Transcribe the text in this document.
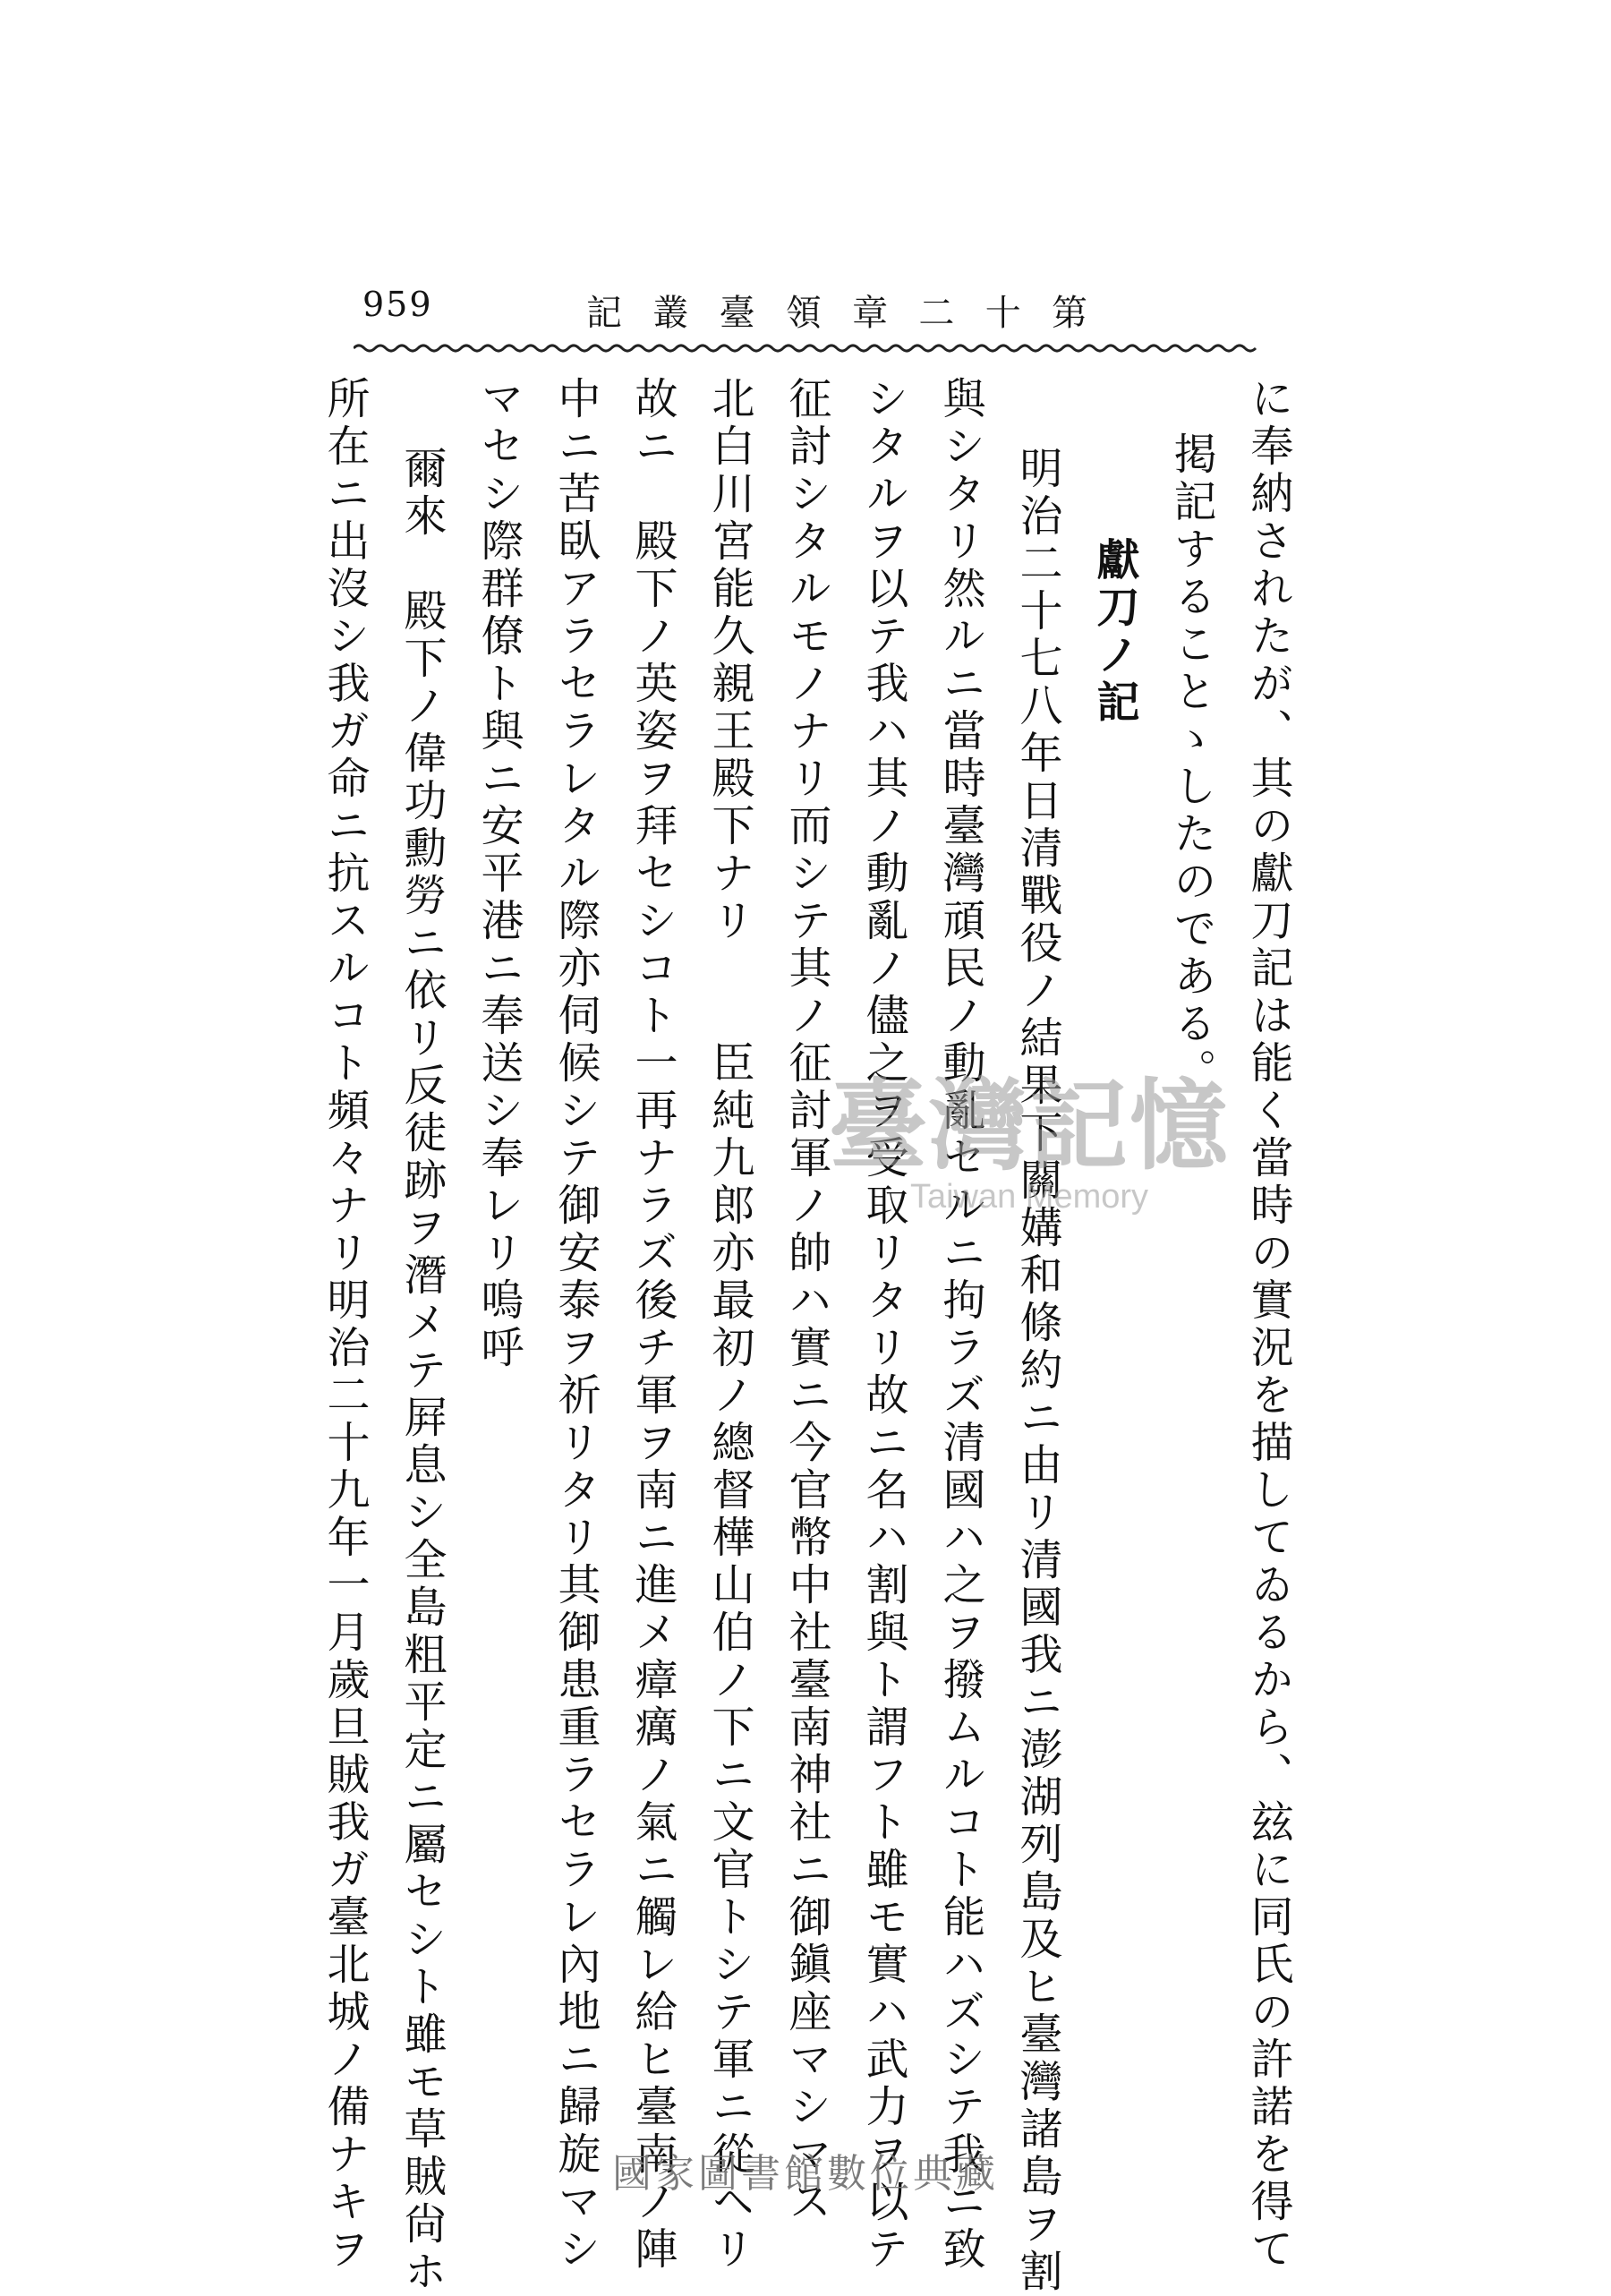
959	第
十
二
章
領
臺
叢
記
に奉納されたが、其の獻刀記は能く當時の實況を描してゐるから、玆に同氏の許諾を得て
掲記することゝしたのである。
獻刀ノ記
明治二十七八年日清戰役ノ結果下關媾和條約ニ由リ清國我ニ澎湖列島及ヒ臺灣諸島ヲ割
與シタリ然ルニ當時臺灣頑民ノ動亂セルニ拘ラズ清國ハ之ヲ撥ムルコト能ハズシテ我ニ致
シタルヲ以テ我ハ其ノ動亂ノ儘之ヲ受取リタリ故ニ名ハ割與ト謂フト雖モ實ハ武力ヲ以テ
征討シタルモノナリ而シテ其ノ征討軍ノ帥ハ實ニ今官幣中社臺南神社ニ御鎭座マシマス
北白川宮能久親王殿下ナリ　　臣純九郎亦最初ノ總督樺山伯ノ下ニ文官トシテ軍ニ從ヘリ
故ニ　殿下ノ英姿ヲ拜セシコト一再ナラズ後チ軍ヲ南ニ進メ瘴癘ノ氣ニ觸レ給ヒ臺南ノ陣
中ニ苦臥アラセラレタル際亦伺候シテ御安泰ヲ祈リタリ其御患重ラセラレ內地ニ歸旋マシ
マセシ際群僚ト與ニ安平港ニ奉送シ奉レリ嗚呼
爾來　殿下ノ偉功勳勞ニ依リ反徒跡ヲ潛メテ屛息シ全島粗平定ニ屬セシト雖モ草賊尙ホ
所在ニ出沒シ我ガ命ニ抗スルコト頻々ナリ明治二十九年一月歲旦賊我ガ臺北城ノ備ナキヲ	臺灣記憶
Taiwan Memory
國家圖書館數位典藏
